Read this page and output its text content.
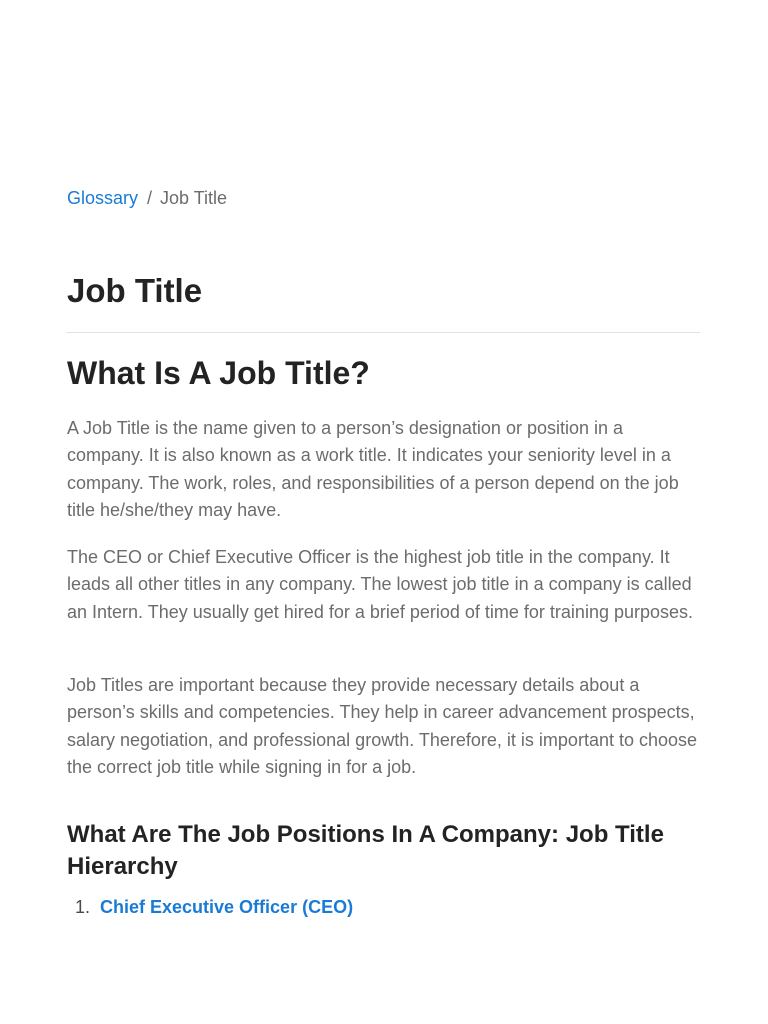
Glossary / Job Title
Job Title
What Is A Job Title?

A Job Title is the name given to a person’s designation or position in a company. It is also known as a work title. It indicates your seniority level in a company. The work, roles, and responsibilities of a person depend on the job title he/she/they may have.

The CEO or Chief Executive Officer is the highest job title in the company. It leads all other titles in any company. The lowest job title in a company is called an Intern. They usually get hired for a brief period of time for training purposes.

Job Titles are important because they provide necessary details about a person’s skills and competencies. They help in career advancement prospects, salary negotiation, and professional growth. Therefore, it is important to choose the correct job title while signing in for a job.

What Are The Job Positions In A Company: Job Title Hierarchy
1. Chief Executive Officer (CEO)
